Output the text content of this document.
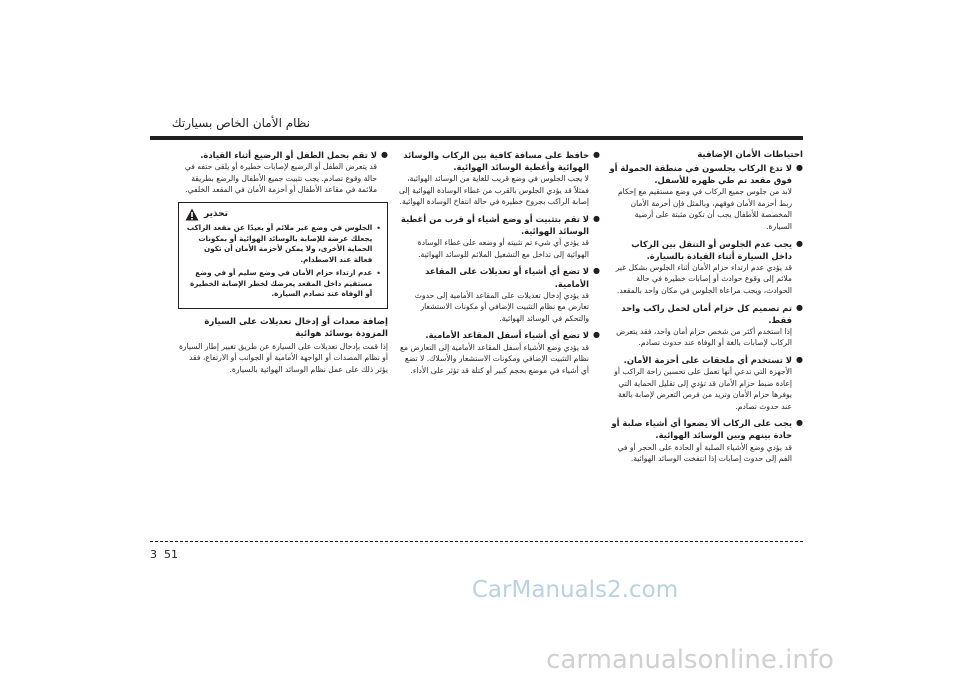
نظام الأمان الخاص بسيارتك
احتياطات الأمان الإضافية
●
لا تدع الركاب يجلسون في منطقة الحمولة أو فوق مقعد تم طي ظهره للأسفل.

لابد من جلوس جميع الركاب في وضع مستقيم مع إحكام ربط أحزمة الأمان فوقهم، وبالمثل فإن أحزمة الأمان المخصصة للأطفال يجب أن تكون مثبتة على أرضية السيارة.

●
يجب عدم الجلوس أو التنقل بين الركاب داخل السيارة أثناء القيادة بالسيارة.

قد يؤدي عدم ارتداء حزام الأمان أثناء الجلوس بشكل غير ملائم إلى وقوع حوادث أو إصابات خطيرة في حالة الحوادث، ويجب مراعاة الجلوس في مكان واحد بالمقعد.

●
تم تصميم كل حزام أمان لحمل راكب واحد فقط.

إذا استخدم أكثر من شخص حزام أمان واحد، فقد يتعرض الركاب لإصابات بالغة أو الوفاة عند حدوث تصادم.

●
لا تستخدم أي ملحقات على أحزمة الأمان.

الأجهزة التي تدعي أنها تعمل على تحسين راحة الراكب أو إعادة ضبط حزام الأمان قد تؤدي إلى تقليل الحماية التي يوفرها حزام الأمان وتزيد من فرص التعرض لإصابة بالغة عند حدوث تصادم.

●
يجب على الركاب ألا يضعوا أي أشياء صلبة أو حادة بينهم وبين الوسائد الهوائية.

قد يؤدي وضع الأشياء الصلبة أو الحادة على الحجر أو في الفم إلى حدوث إصابات إذا انتفخت الوسائد الهوائية.

●
حافظ على مسافة كافية بين الركاب والوسائد الهوائية وأغطية الوسائد الهوائية.

لا يجب الجلوس في وضع قريب للغاية من الوسائد الهوائية، فمثلاً قد يؤدي الجلوس بالقرب من غطاء الوسادة الهوائية إلى إصابة الراكب بجروح خطيرة في حالة انتفاخ الوسادة الهوائية.

●
لا تقم بتثبيت أو وضع أشياء أو قرب من أغطية الوسائد الهوائية.

قد يؤدي أي شيء تم تثبيته أو وضعه على غطاء الوسادة الهوائية إلى تداخل مع التشغيل الملائم للوسائد الهوائية.

●
لا تضع أي أشياء أو تعديلات على المقاعد الأمامية.

قد يؤدي إدخال تعديلات على المقاعد الأمامية إلى حدوث تعارض مع نظام التثبيت الإضافي أو مكونات الاستشعار والتحكم في الوسائد الهوائية.

●
لا تضع أي أشياء أسفل المقاعد الأمامية.

قد يؤدي وضع الأشياء أسفل المقاعد الأمامية إلى التعارض مع نظام التثبيت الإضافي ومكونات الاستشعار والأسلاك. لا تضع أي أشياء في موضع بحجم كبير أو كتلة قد تؤثر على الأداء.

●
لا تقم بحمل الطفل أو الرضيع أثناء القيادة.

قد يتعرض الطفل أو الرضيع لإصابات خطيرة أو يلقى حتفه في حالة وقوع تصادم. يجب تثبيت جميع الأطفال والرضع بطريقة ملائمة في مقاعد الأطفال أو أحزمة الأمان في المقعد الخلفي.

تحذير
•
الجلوس في وضع غير ملائم أو بعيدًا عن مقعد الراكب يجعلك عرضة للإصابة بالوسائد الهوائية أو بمكونات الحماية الأخرى، ولا يمكن لأحزمة الأمان أن تكون فعالة عند الاصطدام.
•
عدم ارتداء حزام الأمان في وضع سليم أو في وضع مستقيم داخل المقعد يعرضك لخطر الإصابة الخطيرة أو الوفاة عند تصادم السيارة.
إضافة معدات أو إدخال تعديلات على السيارة المزودة بوسائد هوائية

إذا قمت بإدخال تعديلات على السيارة عن طريق تغيير إطار السيارة أو نظام المصدات أو الواجهة الأمامية أو الجوانب أو الارتفاع، فقد يؤثر ذلك على عمل نظام الوسائد الهوائية بالسيارة.

3 51
CarManuals2.com
carmanualsonline.info
